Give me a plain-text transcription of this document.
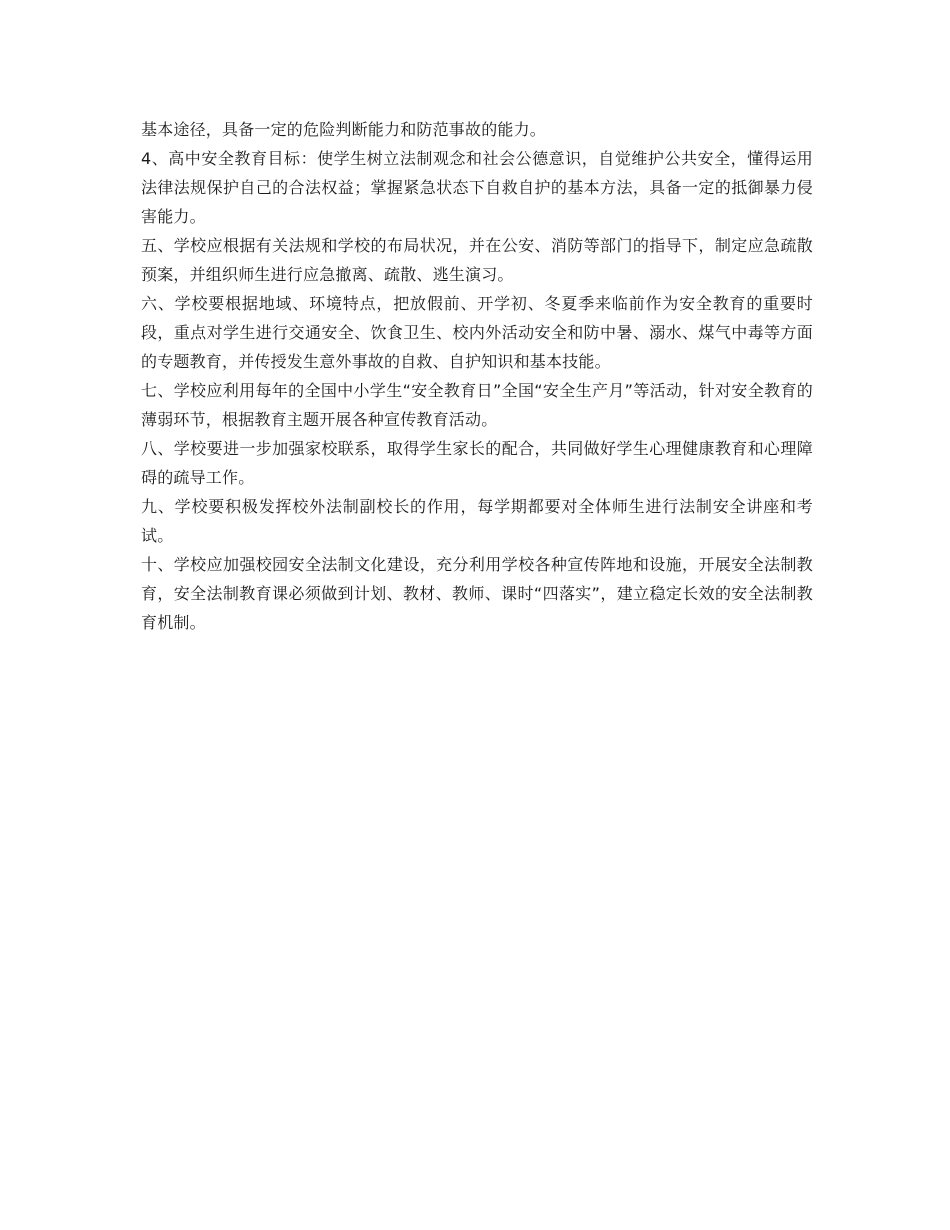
基本途径，具备一定的危险判断能力和防范事故的能力。

4、高中安全教育目标：使学生树立法制观念和社会公德意识，自觉维护公共安全，懂得运用法律法规保护自己的合法权益；掌握紧急状态下自救自护的基本方法，具备一定的抵御暴力侵害能力。

五、学校应根据有关法规和学校的布局状况，并在公安、消防等部门的指导下，制定应急疏散预案，并组织师生进行应急撤离、疏散、逃生演习。

六、学校要根据地域、环境特点，把放假前、开学初、冬夏季来临前作为安全教育的重要时段，重点对学生进行交通安全、饮食卫生、校内外活动安全和防中暑、溺水、煤气中毒等方面的专题教育，并传授发生意外事故的自救、自护知识和基本技能。

七、学校应利用每年的全国中小学生“安全教育日”全国“安全生产月”等活动，针对安全教育的薄弱环节，根据教育主题开展各种宣传教育活动。

八、学校要进一步加强家校联系，取得学生家长的配合，共同做好学生心理健康教育和心理障碍的疏导工作。

九、学校要积极发挥校外法制副校长的作用，每学期都要对全体师生进行法制安全讲座和考试。

十、学校应加强校园安全法制文化建设，充分利用学校各种宣传阵地和设施，开展安全法制教育，安全法制教育课必须做到计划、教材、教师、课时“四落实”，建立稳定长效的安全法制教育机制。
